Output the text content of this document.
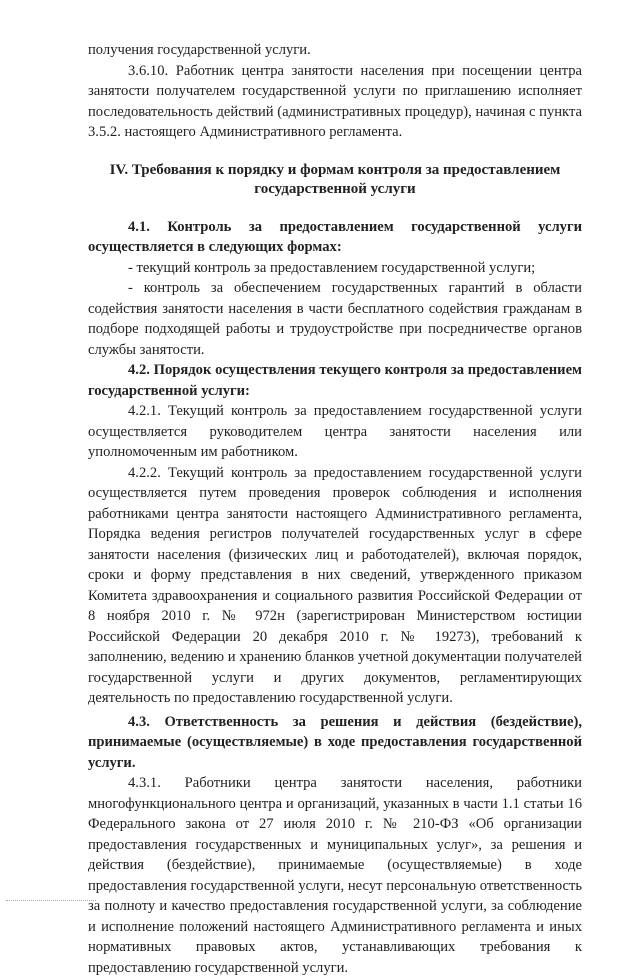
получения государственной услуги.

3.6.10. Работник центра занятости населения при посещении центра занятости получателем государственной услуги по приглашению исполняет последовательность действий (административных процедур), начиная с пункта 3.5.2. настоящего Административного регламента.

IV. Требования к порядку и формам контроля за предоставлением государственной услуги

4.1. Контроль за предоставлением государственной услуги осуществляется в следующих формах:

- текущий контроль за предоставлением государственной услуги;

- контроль за обеспечением государственных гарантий в области содействия занятости населения в части бесплатного содействия гражданам в подборе подходящей работы и трудоустройстве при посредничестве органов службы занятости.

4.2. Порядок осуществления текущего контроля за предоставлением государственной услуги:

4.2.1. Текущий контроль за предоставлением государственной услуги осуществляется руководителем центра занятости населения или уполномоченным им работником.

4.2.2. Текущий контроль за предоставлением государственной услуги осуществляется путем проведения проверок соблюдения и исполнения работниками центра занятости настоящего Административного регламента, Порядка ведения регистров получателей государственных услуг в сфере занятости населения (физических лиц и работодателей), включая порядок, сроки и форму представления в них сведений, утвержденного приказом Комитета здравоохранения и социального развития Российской Федерации от 8 ноября 2010 г. № 972н (зарегистрирован Министерством юстиции Российской Федерации 20 декабря 2010 г. № 19273), требований к заполнению, ведению и хранению бланков учетной документации получателей государственной услуги и других документов, регламентирующих деятельность по предоставлению государственной услуги.

4.3. Ответственность за решения и действия (бездействие), принимаемые (осуществляемые) в ходе предоставления государственной услуги.

4.3.1. Работники центра занятости населения, работники многофункционального центра и организаций, указанных в части 1.1 статьи 16 Федерального закона от 27 июля 2010 г. № 210-ФЗ «Об организации предоставления государственных и муниципальных услуг», за решения и действия (бездействие), принимаемые (осуществляемые) в ходе предоставления государственной услуги, несут персональную ответственность за полноту и качество предоставления государственной услуги, за соблюдение и исполнение положений настоящего Административного регламента и иных нормативных правовых актов, устанавливающих требования к предоставлению государственной услуги.
